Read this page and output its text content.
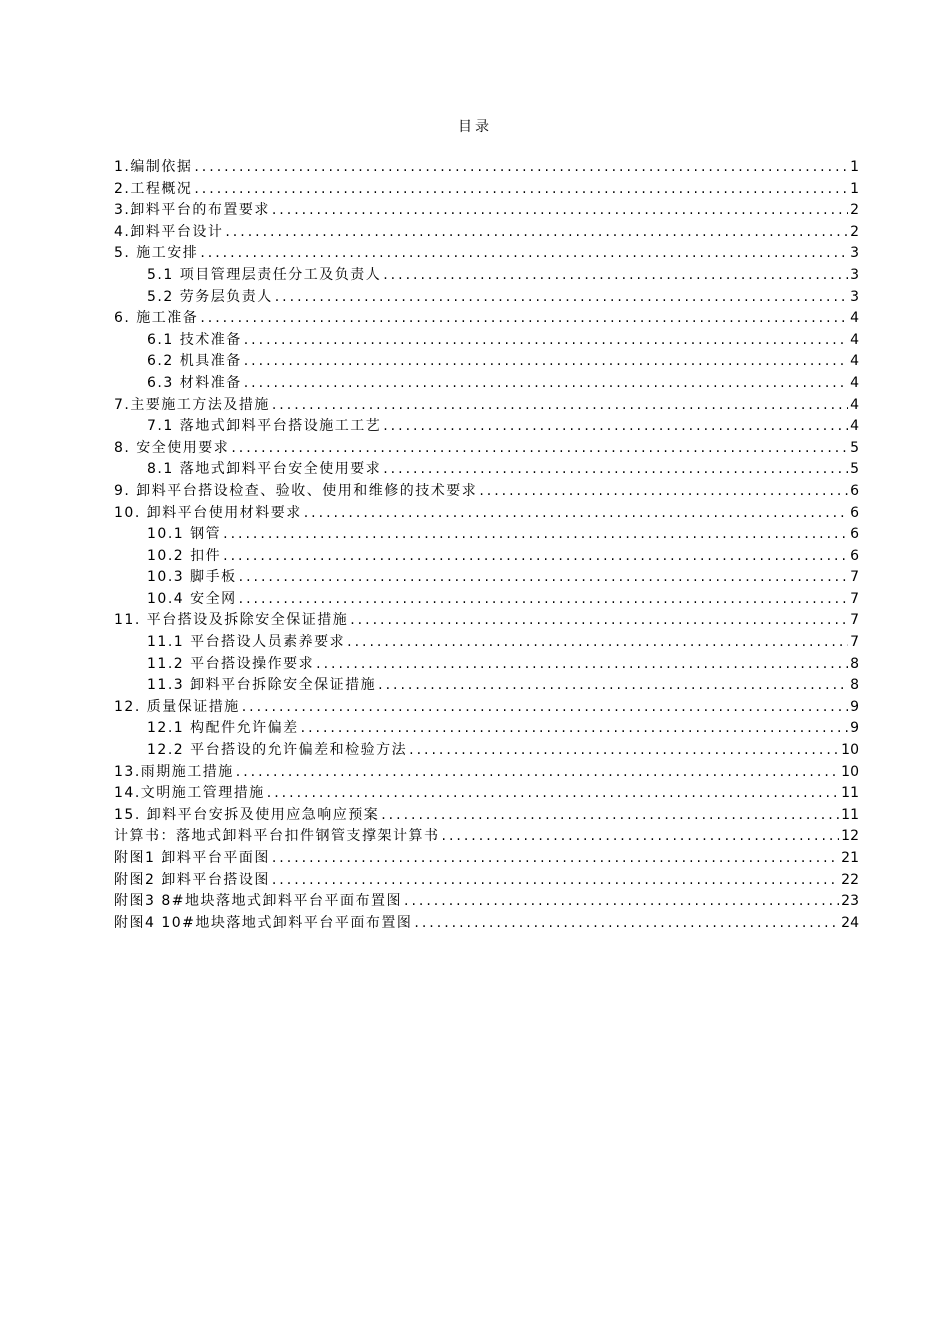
目录
1.编制依据 .....	1
2.工程概况 .....	1
3.卸料平台的布置要求 .....	2
4.卸料平台设计 .....	2
5. 施工安排 .....	3
5.1 项目管理层责任分工及负责人 .....	3
5.2 劳务层负责人 .....	3
6. 施工准备 .....	4
6.1 技术准备 .....	4
6.2 机具准备 .....	4
6.3 材料准备 .....	4
7.主要施工方法及措施 .....	4
7.1 落地式卸料平台搭设施工工艺 .....	4
8. 安全使用要求 .....	5
8.1 落地式卸料平台安全使用要求 .....	5
9. 卸料平台搭设检查、验收、使用和维修的技术要求 .....	6
10. 卸料平台使用材料要求 .....	6
10.1 钢管 .....	6
10.2 扣件 .....	6
10.3 脚手板 .....	7
10.4 安全网 .....	7
11. 平台搭设及拆除安全保证措施 .....	7
11.1 平台搭设人员素养要求 .....	7
11.2 平台搭设操作要求 .....	8
11.3 卸料平台拆除安全保证措施 .....	8
12. 质量保证措施 .....	9
12.1 构配件允许偏差 .....	9
12.2 平台搭设的允许偏差和检验方法 .....	10
13.雨期施工措施 .....	10
14.文明施工管理措施 .....	11
15. 卸料平台安拆及使用应急响应预案 .....	11
计算书：落地式卸料平台扣件钢管支撑架计算书 .....	12
附图1 卸料平台平面图 .....	21
附图2 卸料平台搭设图 .....	22
附图3 8#地块落地式卸料平台平面布置图 .....	23
附图4 10#地块落地式卸料平台平面布置图 .....	24
